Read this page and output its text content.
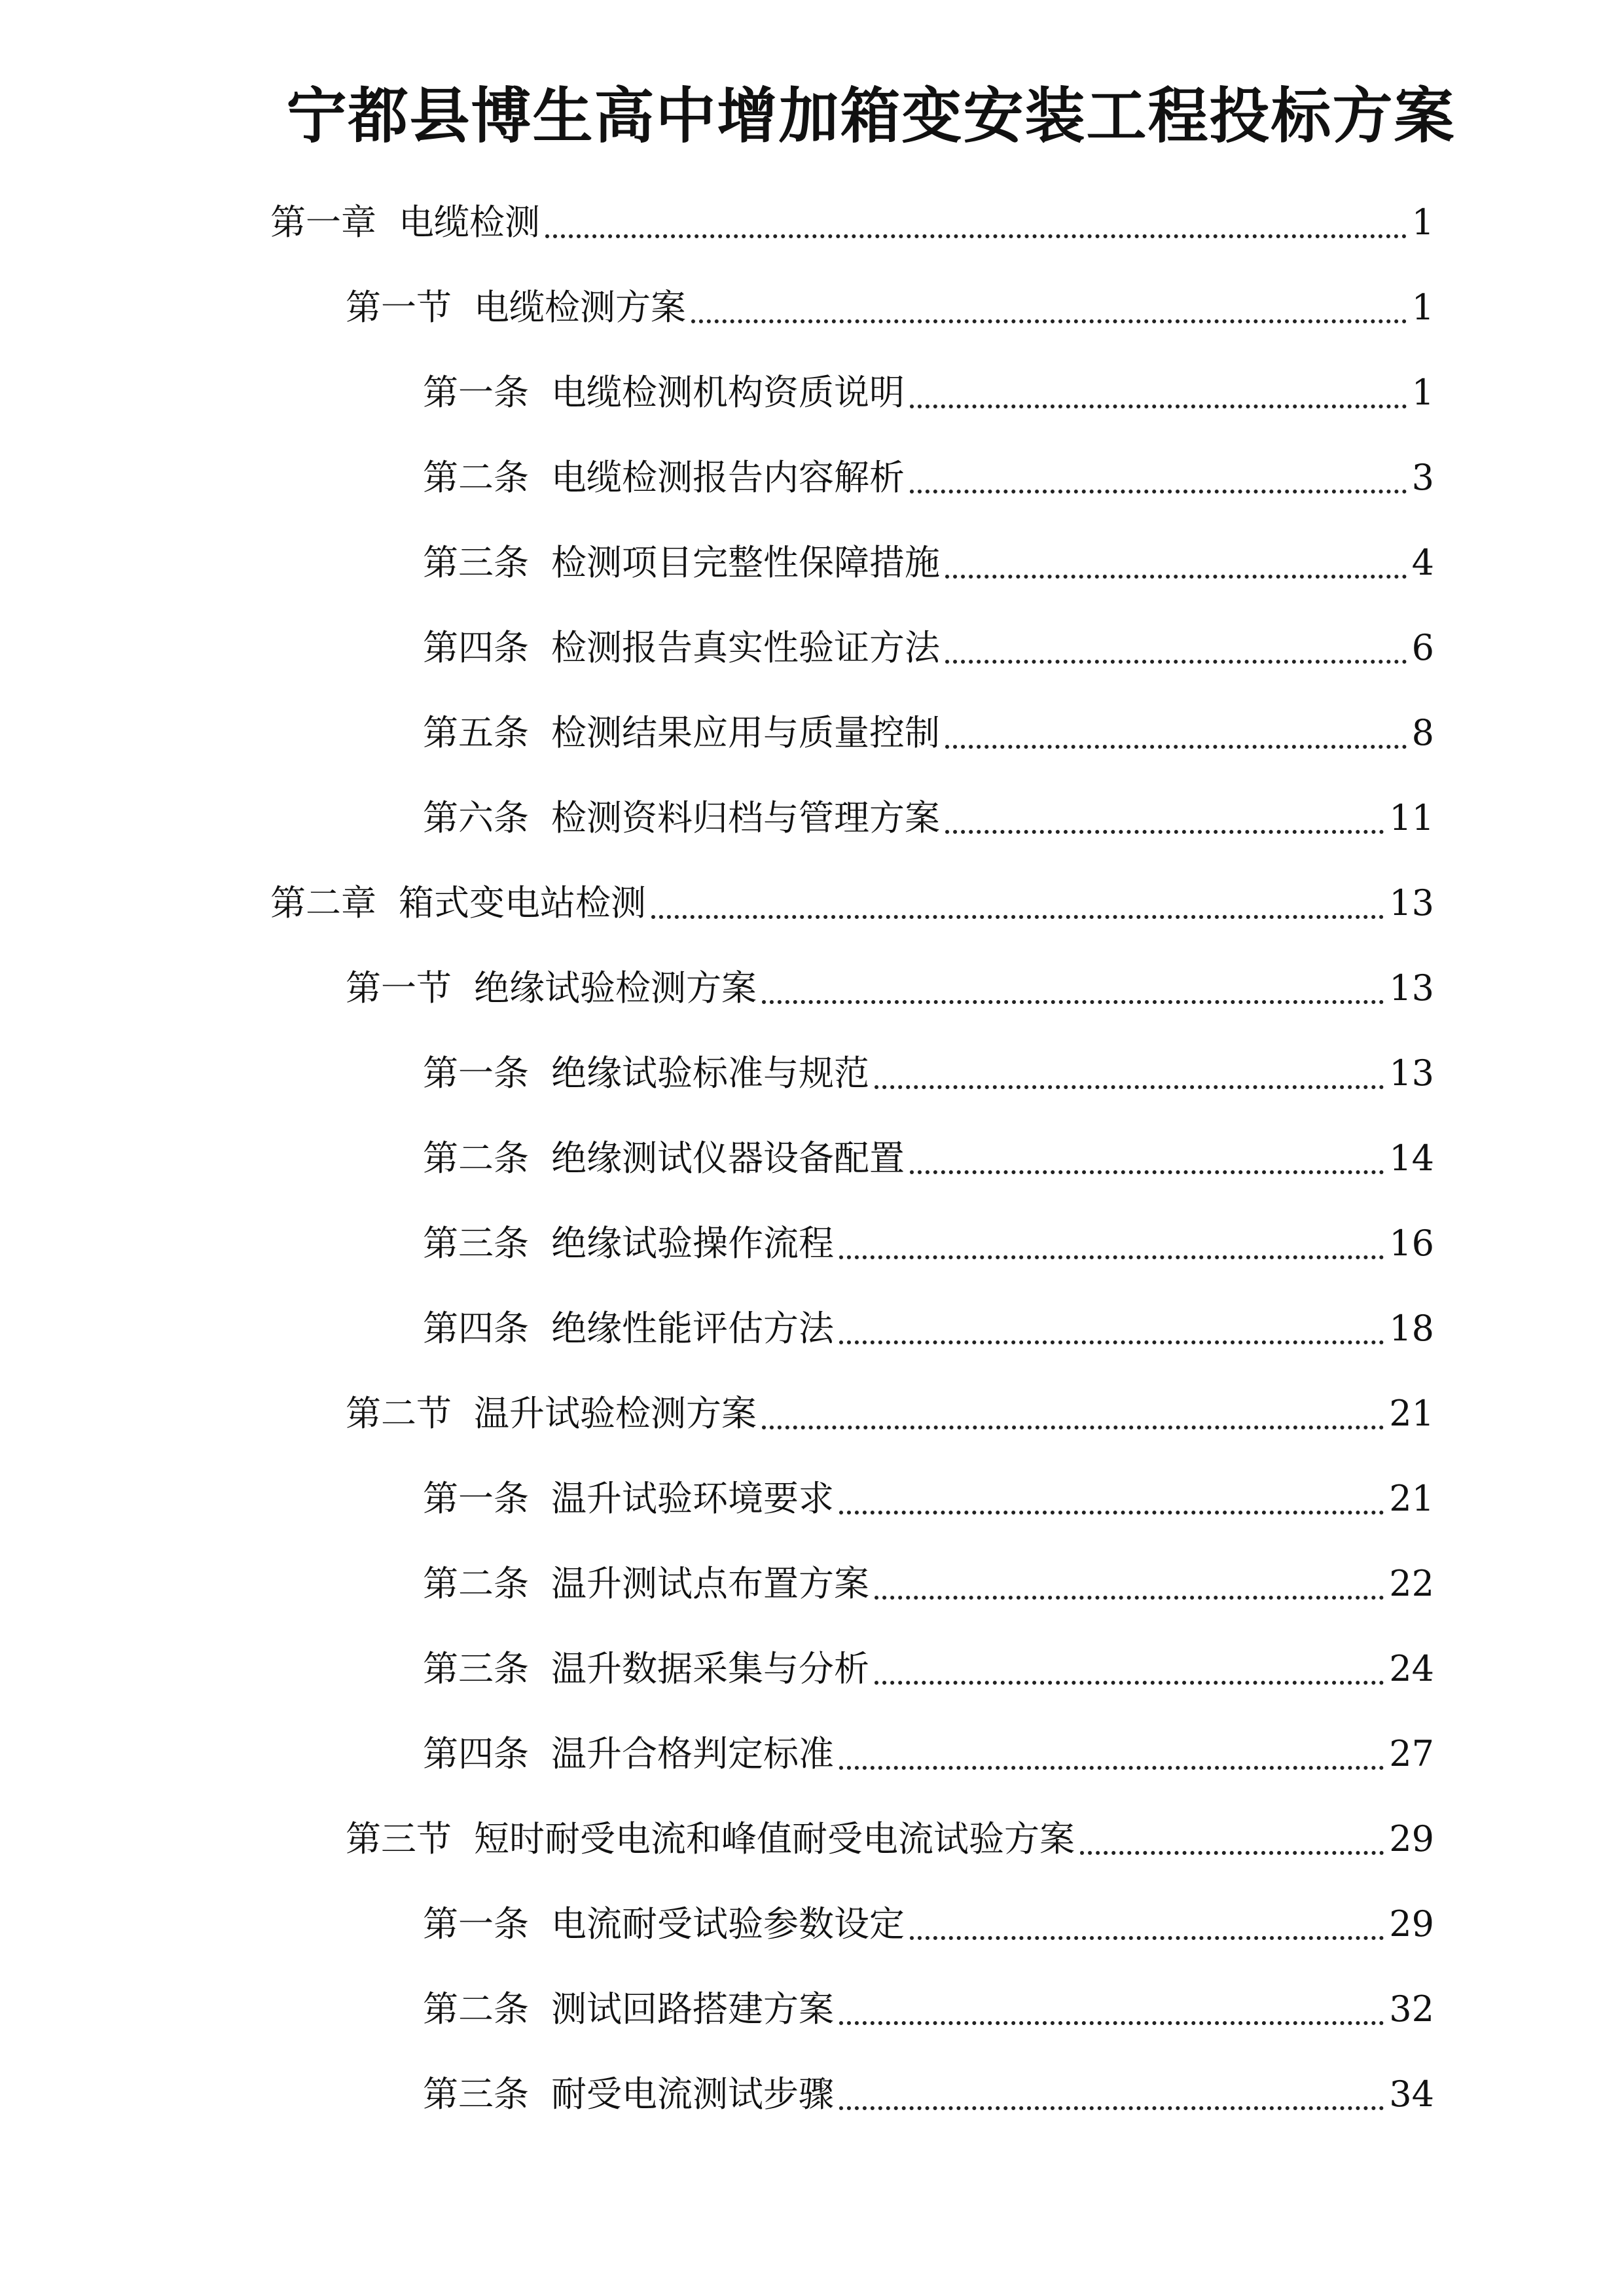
宁都县博生高中增加箱变安装工程投标方案
第一章 电缆检测	1
第一节 电缆检测方案	1
第一条 电缆检测机构资质说明	1
第二条 电缆检测报告内容解析	3
第三条 检测项目完整性保障措施	4
第四条 检测报告真实性验证方法	6
第五条 检测结果应用与质量控制	8
第六条 检测资料归档与管理方案	11
第二章 箱式变电站检测	13
第一节 绝缘试验检测方案	13
第一条 绝缘试验标准与规范	13
第二条 绝缘测试仪器设备配置	14
第三条 绝缘试验操作流程	16
第四条 绝缘性能评估方法	18
第二节 温升试验检测方案	21
第一条 温升试验环境要求	21
第二条 温升测试点布置方案	22
第三条 温升数据采集与分析	24
第四条 温升合格判定标准	27
第三节 短时耐受电流和峰值耐受电流试验方案	29
第一条 电流耐受试验参数设定	29
第二条 测试回路搭建方案	32
第三条 耐受电流测试步骤	34
